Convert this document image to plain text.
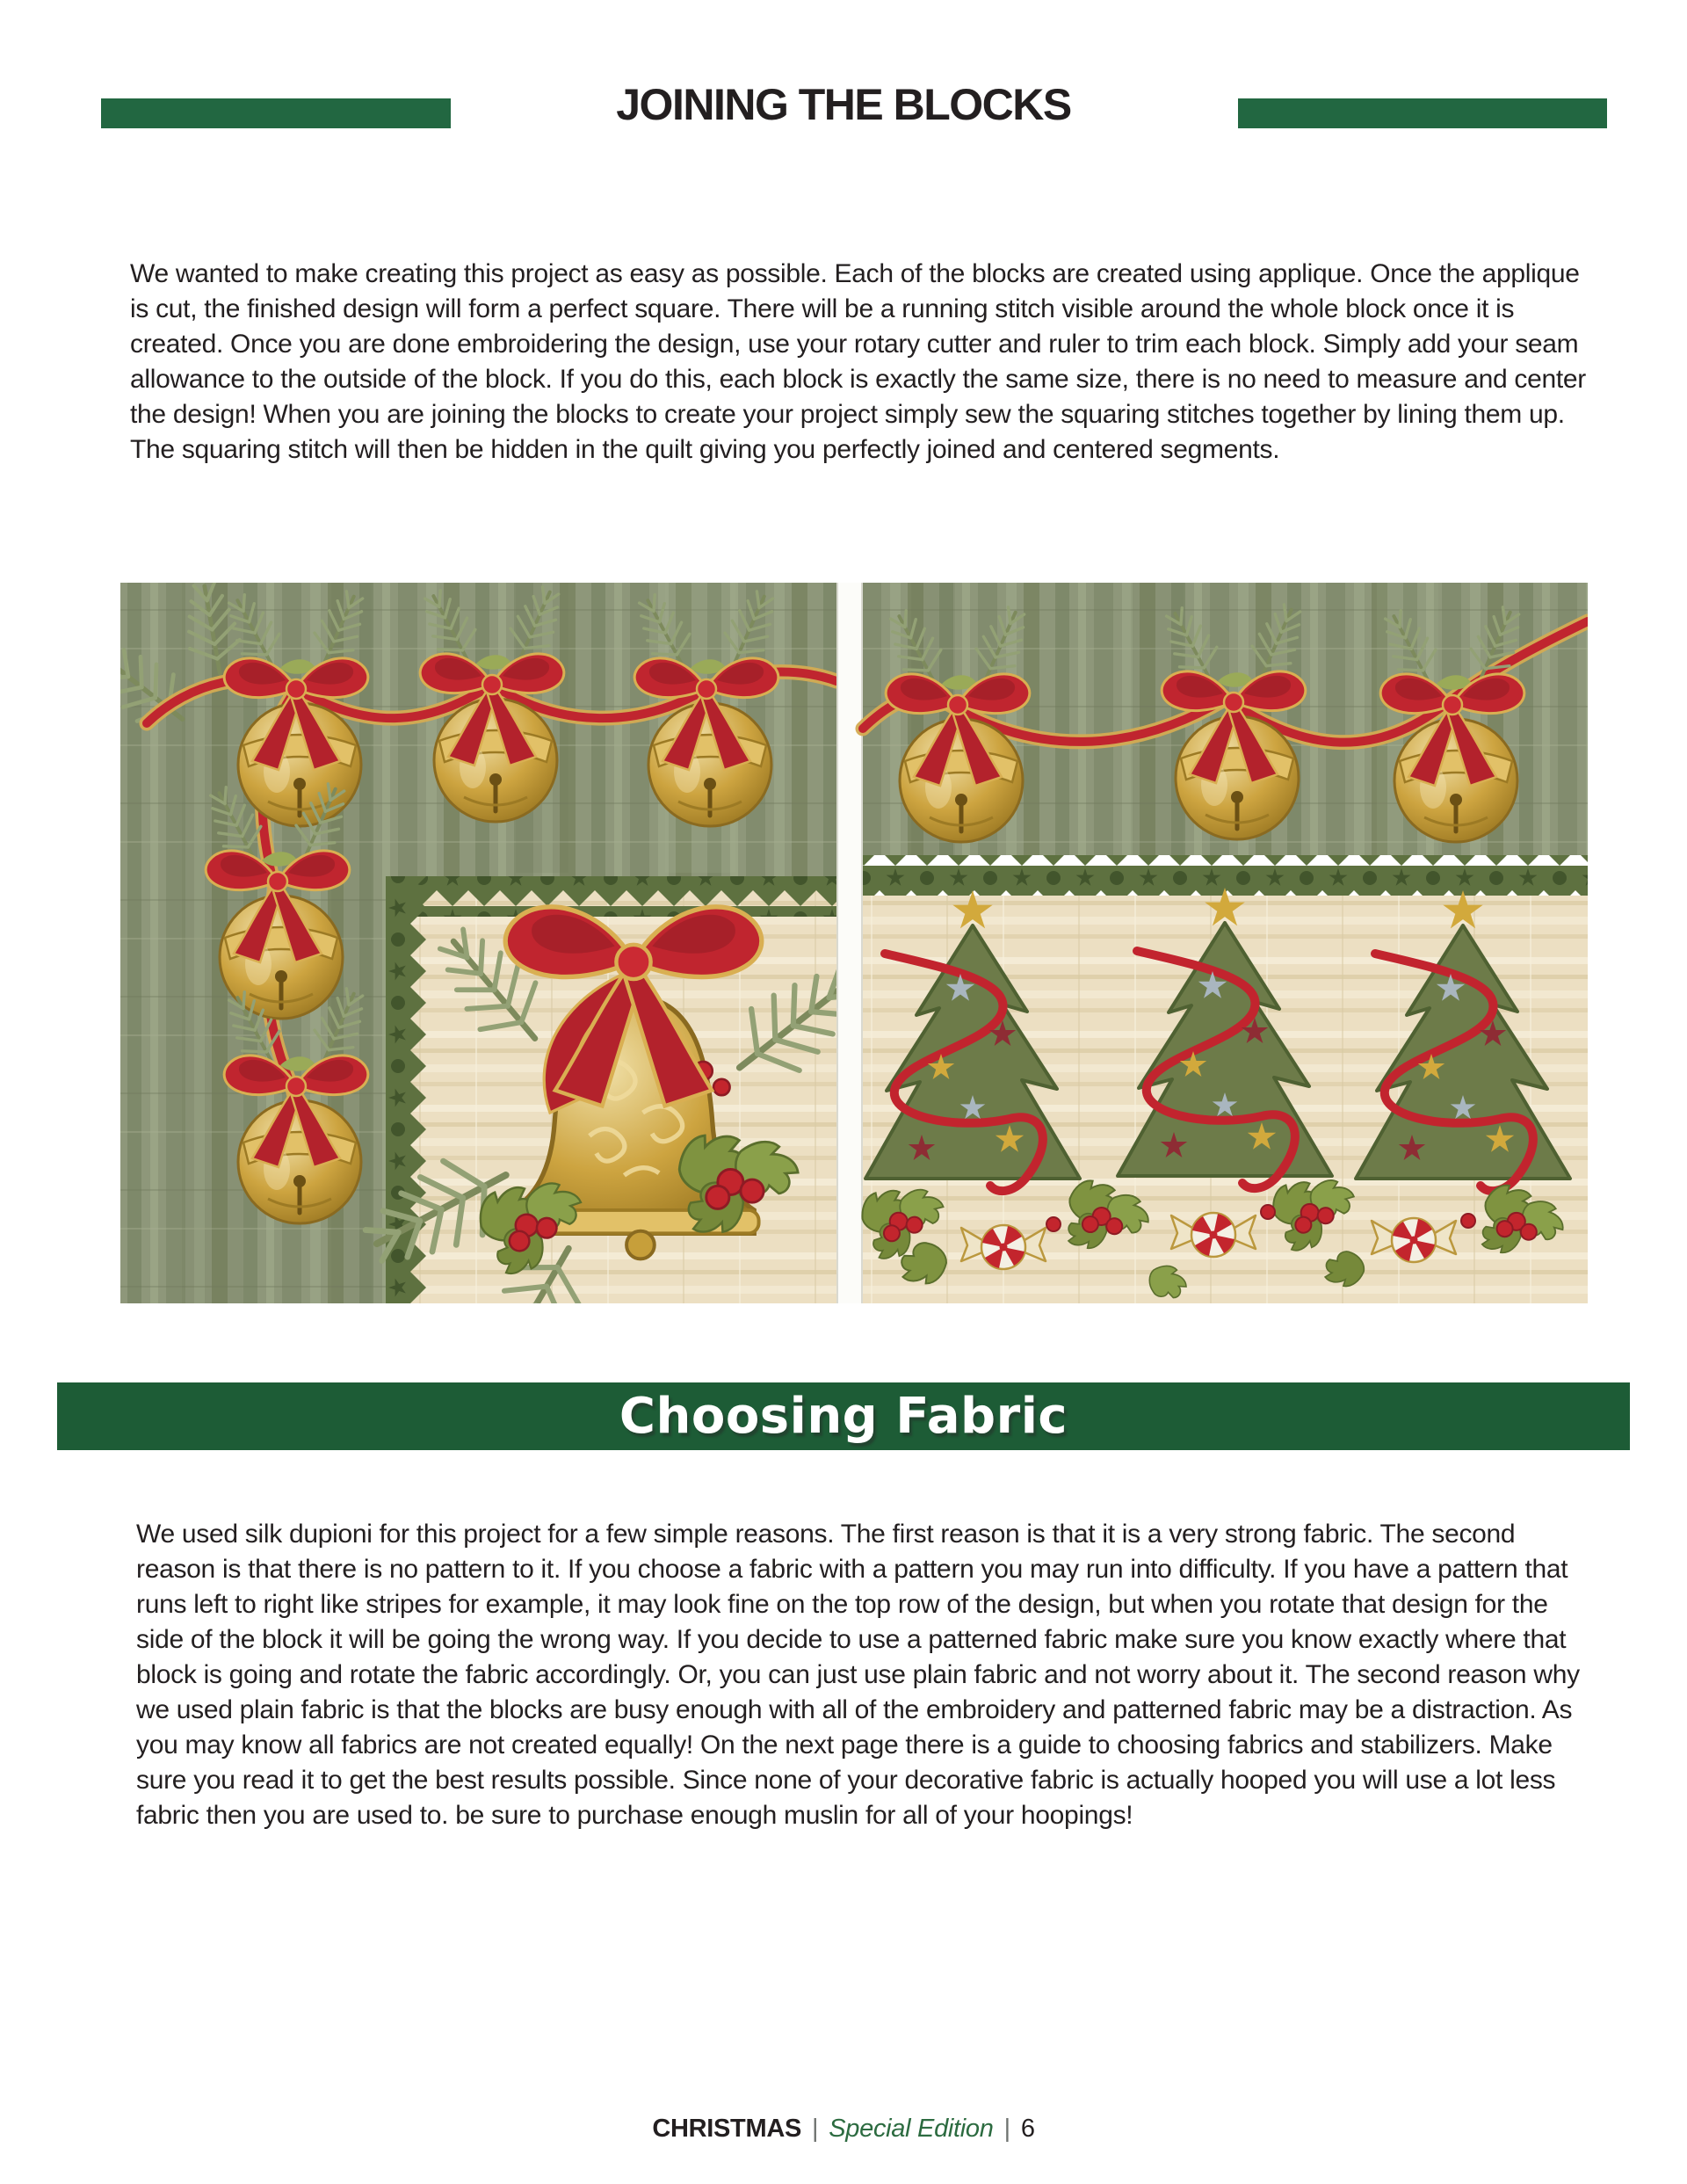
JOINING THE BLOCKS

We wanted to make creating this project as easy as possible. Each of the blocks are created using applique. Once the applique is cut, the finished design will form a perfect square. There will be a running stitch visible around the whole block once it is created. Once you are done embroidering the design, use your rotary cutter and ruler to trim each block. Simply add your seam allowance to the outside of the block. If you do this, each block is exactly the same size, there is no need to measure and center the design! When you are joining the blocks to create your project simply sew the squaring stitches together by lining them up. The squaring stitch will then be hidden in the quilt giving you perfectly joined and centered segments.

Choosing Fabric

We used silk dupioni for this project for a few simple reasons. The first reason is that it is a very strong fabric. The second reason is that there is no pattern to it. If you choose a fabric with a pattern you may run into difficulty. If you have a pattern that runs left to right like stripes for example, it may look fine on the top row of the design, but when you rotate that design for the side of the block it will be going the wrong way. If you decide to use a patterned fabric make sure you know exactly where that block is going and rotate the fabric accordingly. Or, you can just use plain fabric and not worry about it. The second reason why we used plain fabric is that the blocks are busy enough with all of the embroidery and patterned fabric may be a distraction. As you may know all fabrics are not created equally! On the next page there is a guide to choosing fabrics and stabilizers. Make sure you read it to get the best results possible. Since none of your decorative fabric is actually hooped you will use a lot less fabric then you are used to. be sure to purchase enough muslin for all of your hoopings!

CHRISTMAS | Special Edition | 6
